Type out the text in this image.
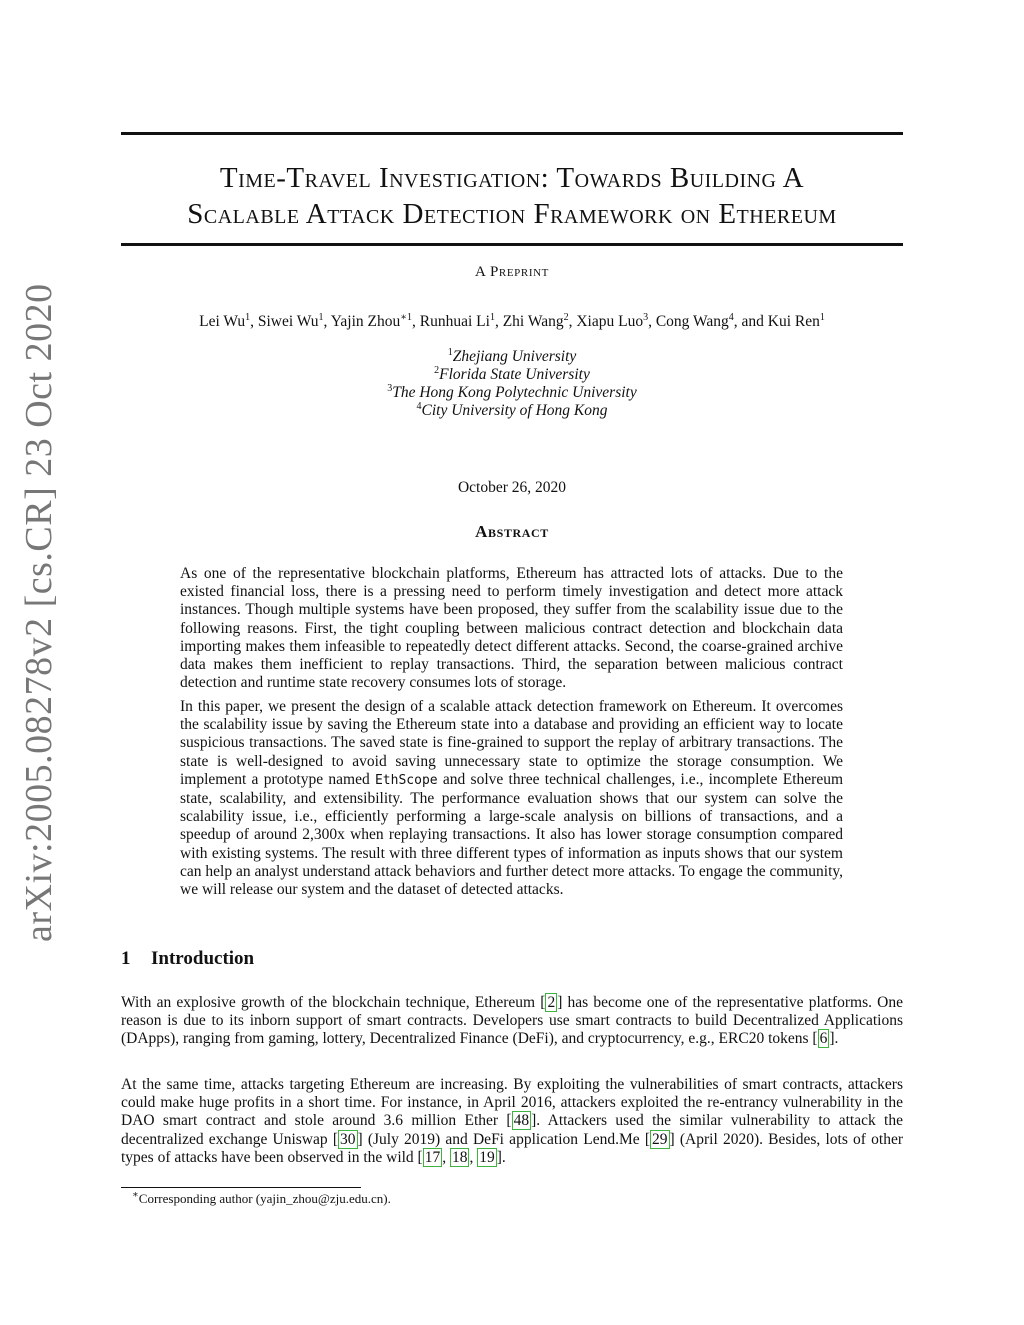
arXiv:2005.08278v2 [cs.CR] 23 Oct 2020
Time-Travel Investigation: Towards Building A
Scalable Attack Detection Framework on Ethereum
A Preprint
Lei Wu$^1$, Siwei Wu$^1$, Yajin Zhou$^{∗1}$, Runhuai Li$^1$, Zhi Wang$^2$, Xiapu Luo$^3$, Cong Wang$^4$, and Kui Ren$^1$
$^1$Zhejiang University
$^2$Florida State University
$^3$The Hong Kong Polytechnic University
$^4$City University of Hong Kong
October 26, 2020
Abstract

As one of the representative blockchain platforms, Ethereum has attracted lots of attacks. Due to the existed financial loss, there is a pressing need to perform timely investigation and detect more attack instances. Though multiple systems have been proposed, they suffer from the scalability issue due to the following reasons. First, the tight coupling between malicious contract detection and blockchain data importing makes them infeasible to repeatedly detect different attacks. Second, the coarse-grained archive data makes them inefficient to replay transactions. Third, the separation between malicious contract detection and runtime state recovery consumes lots of storage.

In this paper, we present the design of a scalable attack detection framework on Ethereum. It overcomes the scalability issue by saving the Ethereum state into a database and providing an efficient way to locate suspicious transactions. The saved state is fine-grained to support the replay of arbitrary transactions. The state is well-designed to avoid saving unnecessary state to optimize the storage consumption. We implement a prototype named EthScope and solve three technical challenges, i.e., incomplete Ethereum state, scalability, and extensibility. The performance evaluation shows that our system can solve the scalability issue, i.e., efficiently performing a large-scale analysis on billions of transactions, and a speedup of around 2,300x when replaying transactions. It also has lower storage consumption compared with existing systems. The result with three different types of information as inputs shows that our system can help an analyst understand attack behaviors and further detect more attacks. To engage the community, we will release our system and the dataset of detected attacks.

1 Introduction

With an explosive growth of the blockchain technique, Ethereum [ 2 ] has become one of the representative platforms. One reason is due to its inborn support of smart contracts. Developers use smart contracts to build Decentralized Applications (DApps), ranging from gaming, lottery, Decentralized Finance (DeFi), and cryptocurrency, e.g., ERC20 tokens [ 6 ].

At the same time, attacks targeting Ethereum are increasing. By exploiting the vulnerabilities of smart contracts, attackers could make huge profits in a short time. For instance, in April 2016, attackers exploited the re-entrancy vulnerability in the DAO smart contract and stole around 3.6 million Ether [ 48 ]. Attackers used the similar vulnerability to attack the decentralized exchange Uniswap [ 30 ] (July 2019) and DeFi application Lend.Me [ 29 ] (April 2020). Besides, lots of other types of attacks have been observed in the wild [ 17 , 18 , 19 ].

∗Corresponding author (yajin_zhou@zju.edu.cn).
